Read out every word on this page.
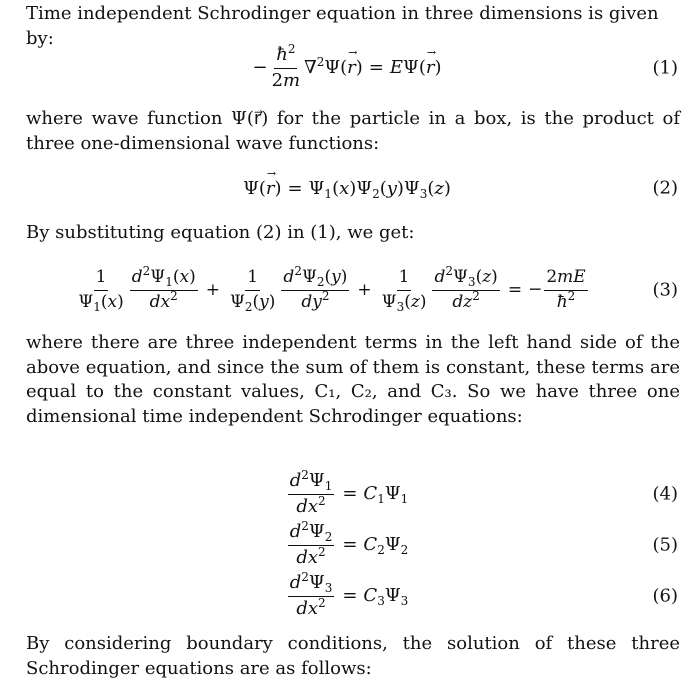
Time independent Schrodinger equation in three dimensions is given by:

− $\frac{ħ^2}{2m} \nabla^2\Psi(r$ →) = EΨ(r →)	(1)

where wave function Ψ(r⃗) for the particle in a box, is the product of three one-dimensional wave functions:

Ψ(r →) = $\Psi_1(x)\Psi_2(y)\Psi_3(z)$	(2)

By substituting equation (2) in (1), we get:

$\frac{1}{\Psi_1(x)} \frac{d^2\Psi_1(x)}{dx^2} + \frac{1}{\Psi_2(y)} \frac{d^2\Psi_2(y)}{dy^2} + \frac{1}{\Psi_3(z)} \frac{d^2\Psi_3(z)}{dz^2}$ = − $\frac{2mE}{ħ^2}$	(3)

where there are three independent terms in the left hand side of the above equation, and since the sum of them is constant, these terms are equal to the constant values, C₁, C₂, and C₃. So we have three one dimensional time independent Schrodinger equations:

$\frac{d^2\Psi_1}{dx^2} = C_1\Psi_1$	(4)
$\frac{d^2\Psi_2}{dx^2} = C_2\Psi_2$	(5)
$\frac{d^2\Psi_3}{dx^2} = C_3\Psi_3$	(6)

By considering boundary conditions, the solution of these three Schrodinger equations are as follows:
